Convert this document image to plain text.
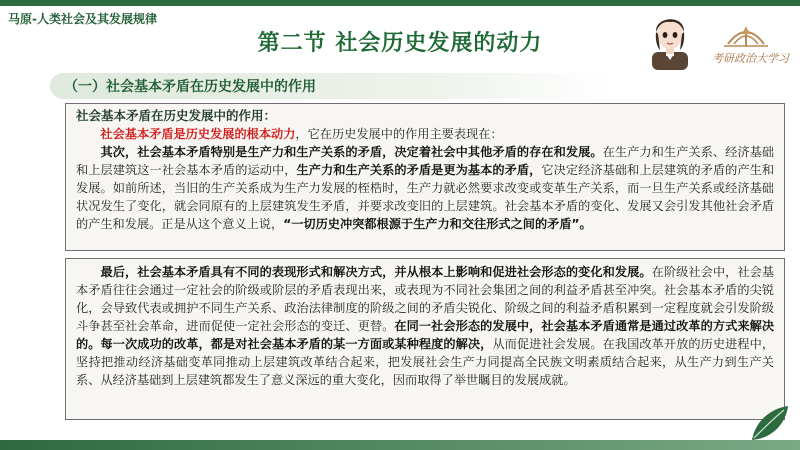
马原-人类社会及其发展规律
第二节 社会历史发展的动力
考研政治大学习
（一）社会基本矛盾在历史发展中的作用
社会基本矛盾在历史发展中的作用：
社会基本矛盾是历史发展的根本动力，它在历史发展中的作用主要表现在：
其次，社会基本矛盾特别是生产力和生产关系的矛盾，决定着社会中其他矛盾的存在和发展。在生产力和生产关系、经济基础和上层建筑这一社会基本矛盾的运动中，生产力和生产关系的矛盾是更为基本的矛盾，它决定经济基础和上层建筑的矛盾的产生和发展。如前所述，当旧的生产关系成为生产力发展的桎梏时，生产力就必然要求改变或变革生产关系，而一旦生产关系或经济基础状况发生了变化，就会同原有的上层建筑发生矛盾，并要求改变旧的上层建筑。社会基本矛盾的变化、发展又会引发其他社会矛盾的产生和发展。正是从这个意义上说，“一切历史冲突都根源于生产力和交往形式之间的矛盾”。
最后，社会基本矛盾具有不同的表现形式和解决方式，并从根本上影响和促进社会形态的变化和发展。在阶级社会中，社会基本矛盾往往会通过一定社会的阶级或阶层的矛盾表现出来，或表现为不同社会集团之间的利益矛盾甚至冲突。社会基本矛盾的尖锐化，会导致代表或拥护不同生产关系、政治法律制度的阶级之间的矛盾尖锐化、阶级之间的利益矛盾积累到一定程度就会引发阶级斗争甚至社会革命，进而促使一定社会形态的变迁、更替。在同一社会形态的发展中，社会基本矛盾通常是通过改革的方式来解决的。每一次成功的改革，都是对社会基本矛盾的某一方面或某种程度的解决，从而促进社会发展。在我国改革开放的历史进程中，坚持把推动经济基础变革同推动上层建筑改革结合起来，把发展社会生产力同提高全民族文明素质结合起来，从生产力到生产关系、从经济基础到上层建筑都发生了意义深远的重大变化，因而取得了举世瞩目的发展成就。
